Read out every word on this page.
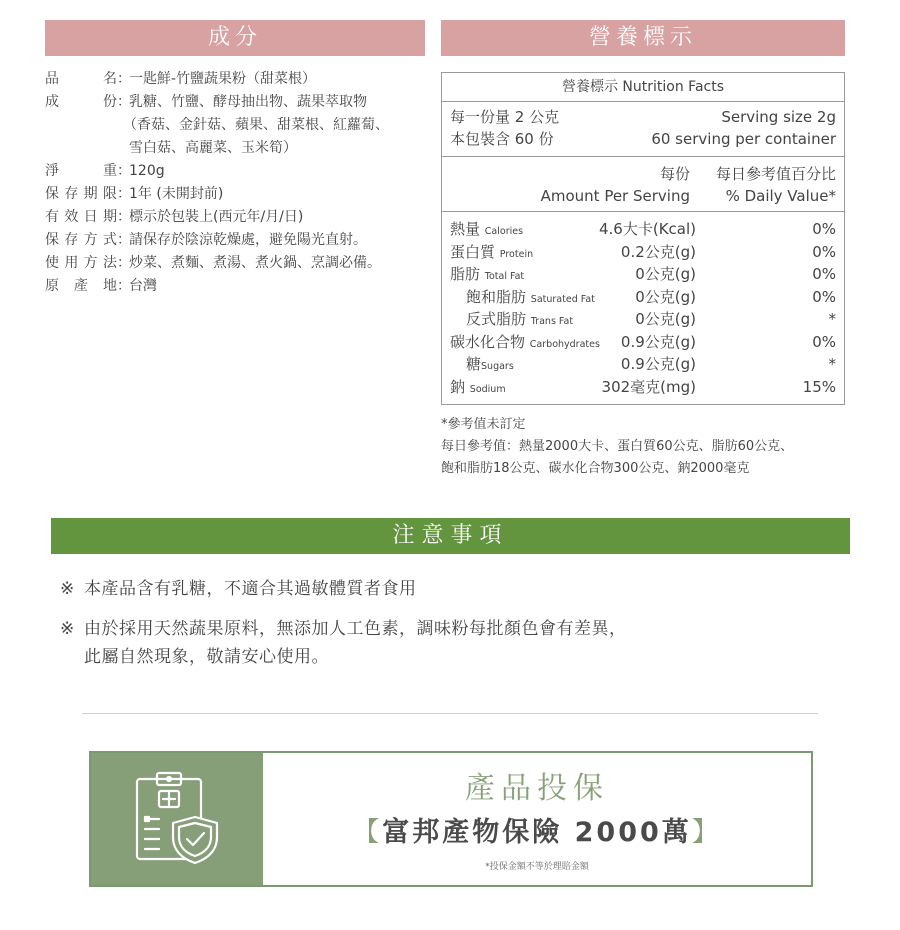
成分	營養標示
品名 ：
一匙鮮-竹鹽蔬果粉（甜菜根）
成份 ：
乳糖、竹鹽、酵母抽出物、蔬果萃取物
（香菇、金針菇、蘋果、甜菜根、紅蘿蔔、
雪白菇、高麗菜、玉米筍）
淨重 ：
120g
保存期限 ：
1年 (未開封前)
有效日期 ：
標示於包裝上(西元年/月/日)
保存方式 ：
請保存於陰涼乾燥處，避免陽光直射。
使用方法 ：
炒菜、煮麵、煮湯、煮火鍋、烹調必備。
原產地 ：
台灣
營養標示 Nutrition Facts
每一份量 2 公克	Serving size 2g
本包裝含 60 份	60 serving per container
每份	每日參考值百分比
Amount Per Serving	% Daily Value*
熱量 Calories	4.6大卡(Kcal)	0%
蛋白質 Protein	0.2公克(g)	0%
脂肪 Total Fat	0公克(g)	0%
飽和脂肪 Saturated Fat	0公克(g)	0%
反式脂肪 Trans Fat	0公克(g)	*
碳水化合物 Carbohydrates	0.9公克(g)	0%
糖Sugars	0.9公克(g)	*
鈉 Sodium	302毫克(mg)	15%
*參考值未訂定
每日參考值：熱量2000大卡、蛋白質60公克、脂肪60公克、
飽和脂肪18公克、碳水化合物300公克、鈉2000毫克
注意事項
※ 本產品含有乳糖，不適合其過敏體質者食用
※ 由於採用天然蔬果原料，無添加人工色素，調味粉每批顏色會有差異，
此屬自然現象，敬請安心使用。
產品投保
【富邦產物保險 2000萬】
*投保金額不等於理賠金額
